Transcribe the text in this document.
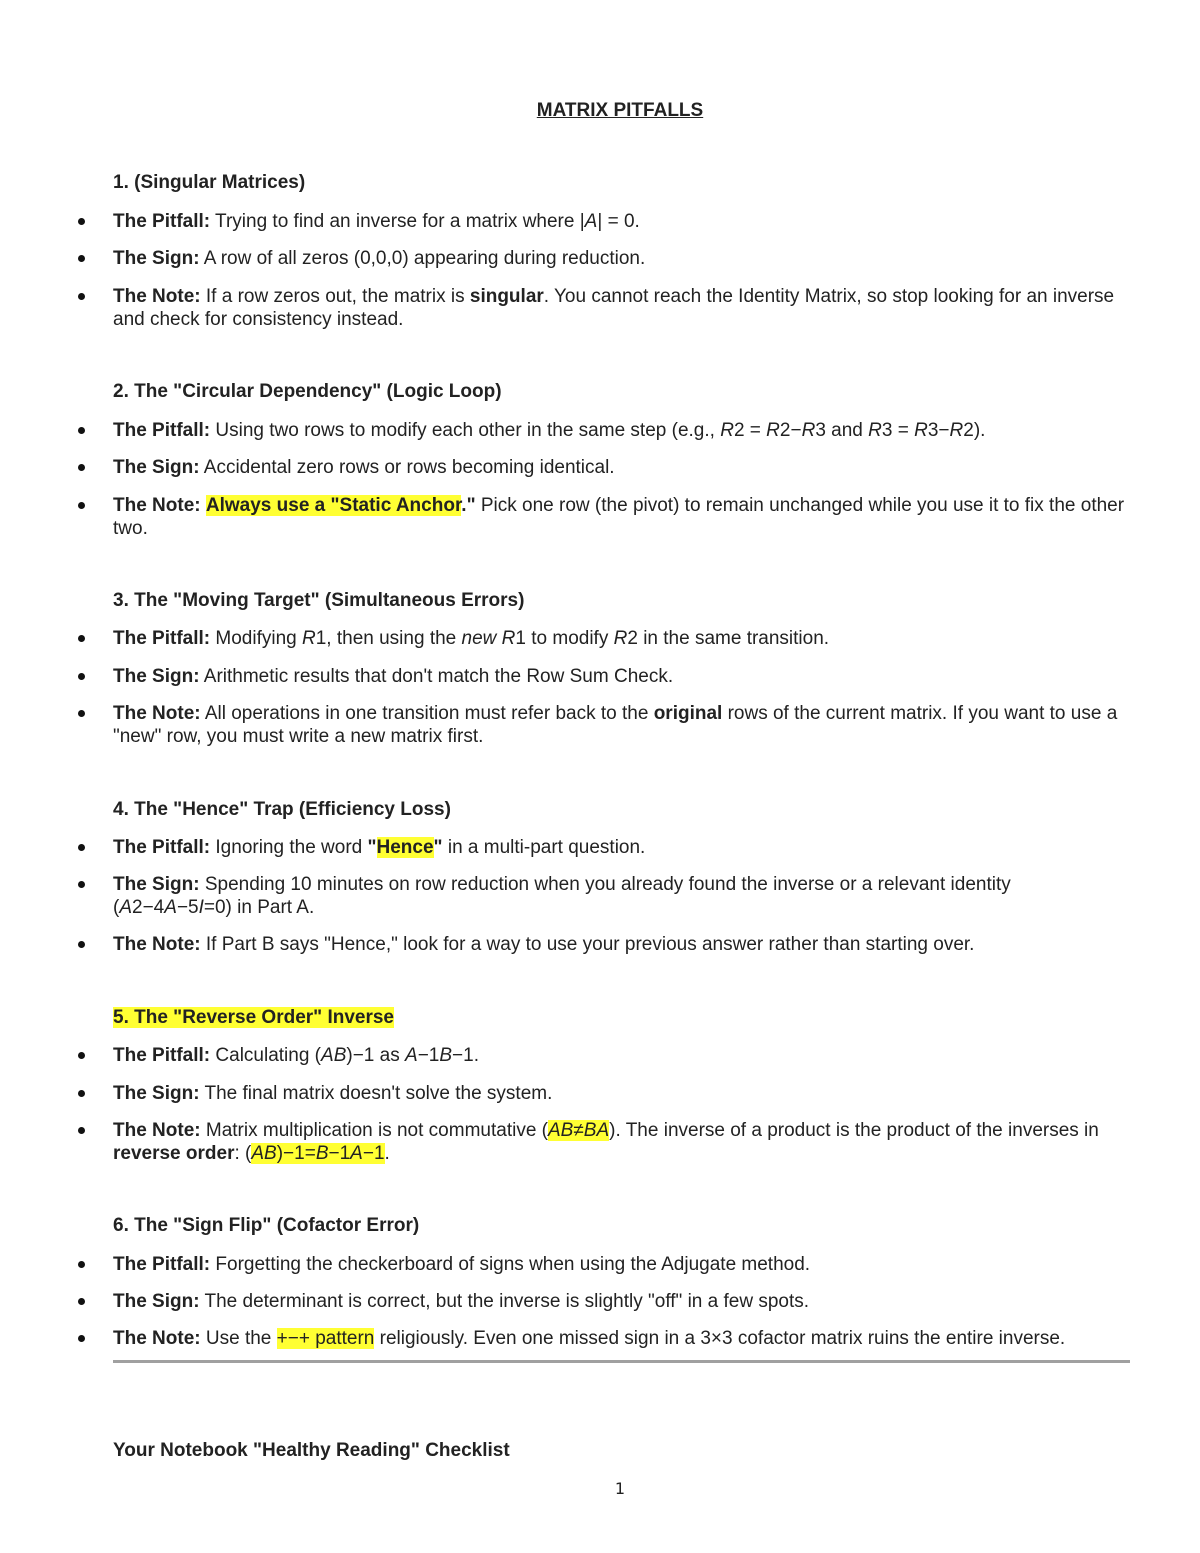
MATRIX PITFALLS
1. (Singular Matrices)
The Pitfall: Trying to find an inverse for a matrix where |A| = 0.
The Sign: A row of all zeros (0,0,0) appearing during reduction.
The Note: If a row zeros out, the matrix is singular. You cannot reach the Identity Matrix, so stop looking for an inverse and check for consistency instead.
2. The "Circular Dependency" (Logic Loop)
The Pitfall: Using two rows to modify each other in the same step (e.g., R2 = R2−R3 and R3 = R3−R2).
The Sign: Accidental zero rows or rows becoming identical.
The Note: Always use a "Static Anchor." Pick one row (the pivot) to remain unchanged while you use it to fix the other two.
3. The "Moving Target" (Simultaneous Errors)
The Pitfall: Modifying R1, then using the new R1 to modify R2 in the same transition.
The Sign: Arithmetic results that don't match the Row Sum Check.
The Note: All operations in one transition must refer back to the original rows of the current matrix. If you want to use a "new" row, you must write a new matrix first.
4. The "Hence" Trap (Efficiency Loss)
The Pitfall: Ignoring the word "Hence" in a multi-part question.
The Sign: Spending 10 minutes on row reduction when you already found the inverse or a relevant identity (A2−4A−5I=0) in Part A.
The Note: If Part B says "Hence," look for a way to use your previous answer rather than starting over.
5. The "Reverse Order" Inverse
The Pitfall: Calculating (AB)−1 as A−1B−1.
The Sign: The final matrix doesn't solve the system.
The Note: Matrix multiplication is not commutative (AB≠BA). The inverse of a product is the product of the inverses in reverse order: (AB)−1=B−1A−1.
6. The "Sign Flip" (Cofactor Error)
The Pitfall: Forgetting the checkerboard of signs when using the Adjugate method.
The Sign: The determinant is correct, but the inverse is slightly "off" in a few spots.
The Note: Use the +−+ pattern religiously. Even one missed sign in a 3×3 cofactor matrix ruins the entire inverse.
Your Notebook "Healthy Reading" Checklist
1
